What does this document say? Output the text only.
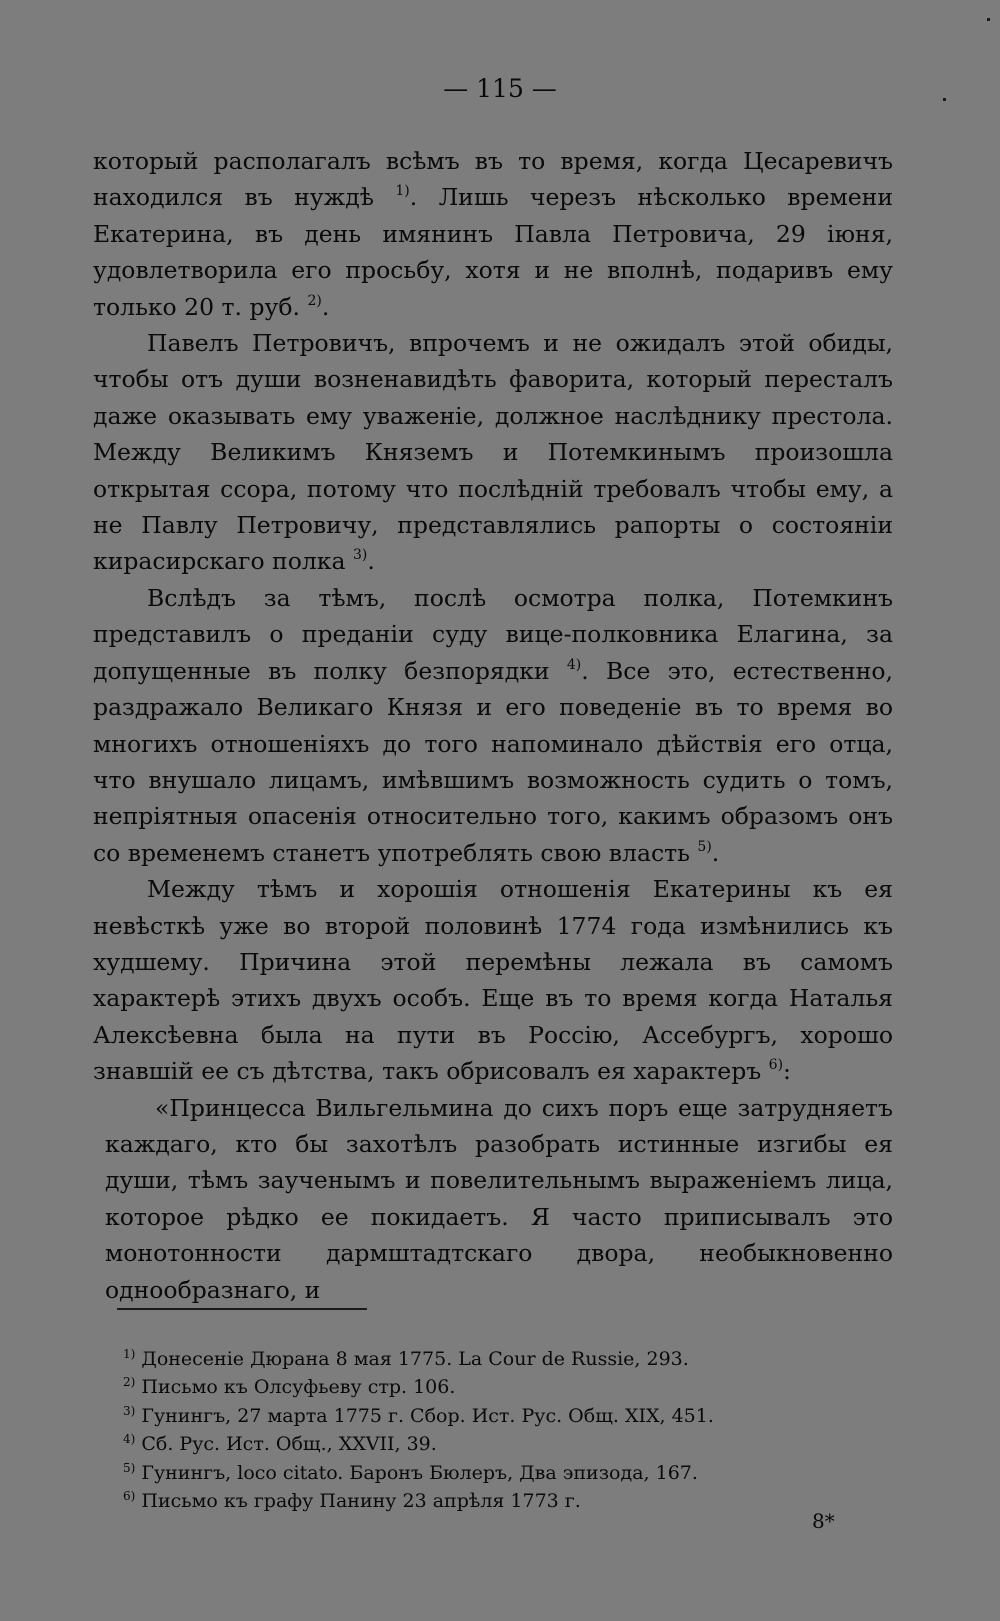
— 115 —

который располагалъ всѣмъ въ то время, когда Цесаревичъ находился въ нуждѣ $^{1)}$. Лишь черезъ нѣсколько времени Екатерина, въ день имянинъ Павла Петровича, 29 іюня, удовлетворила его просьбу, хотя и не вполнѣ, подаривъ ему только 20 т. руб. $^{2)}$.

Павелъ Петровичъ, впрочемъ и не ожидалъ этой обиды, чтобы отъ души возненавидѣть фаворита, который пересталъ даже оказывать ему уваженіе, должное наслѣднику престола. Между Великимъ Княземъ и Потемкинымъ произошла открытая ссора, потому что послѣдній требовалъ чтобы ему, а не Павлу Петровичу, представлялись рапорты о состояніи кирасирскаго полка $^{3)}$.

Вслѣдъ за тѣмъ, послѣ осмотра полка, Потемкинъ представилъ о преданіи суду вице-полковника Елагина, за допущенные въ полку безпорядки $^{4)}$. Все это, естественно, раздражало Великаго Князя и его поведеніе въ то время во многихъ отношеніяхъ до того напоминало дѣйствія его отца, что внушало лицамъ, имѣвшимъ возможность судить о томъ, непріятныя опасенія относительно того, какимъ образомъ онъ со временемъ станетъ употреблять свою власть $^{5)}$.

Между тѣмъ и хорошія отношенія Екатерины къ ея невѣсткѣ уже во второй половинѣ 1774 года измѣнились къ худшему. Причина этой перемѣны лежала въ самомъ характерѣ этихъ двухъ особъ. Еще въ то время когда Наталья Алексѣевна была на пути въ Россію, Ассебургъ, хорошо знавшій ее съ дѣтства, такъ обрисовалъ ея характеръ $^{6)}$:

«Принцесса Вильгельмина до сихъ поръ еще затрудняетъ каждаго, кто бы захотѣлъ разобрать истинные изгибы ея души, тѣмъ заученымъ и повелительнымъ выраженіемъ лица, которое рѣдко ее покидаетъ. Я часто приписывалъ это монотонности дармштадтскаго двора, необыкновенно однообразнаго, и

$^{1)}$ Донесеніе Дюрана 8 мая 1775. La Cour de Russie, 293.
$^{2)}$ Письмо къ Олсуфьеву стр. 106.
$^{3)}$ Гунингъ, 27 марта 1775 г. Сбор. Ист. Рус. Общ. XIX, 451.
$^{4)}$ Сб. Рус. Ист. Общ., XXVII, 39.
$^{5)}$ Гунингъ, loco citato. Баронъ Бюлеръ, Два эпизода, 167.
$^{6)}$ Письмо къ графу Панину 23 апрѣля 1773 г.
8*
